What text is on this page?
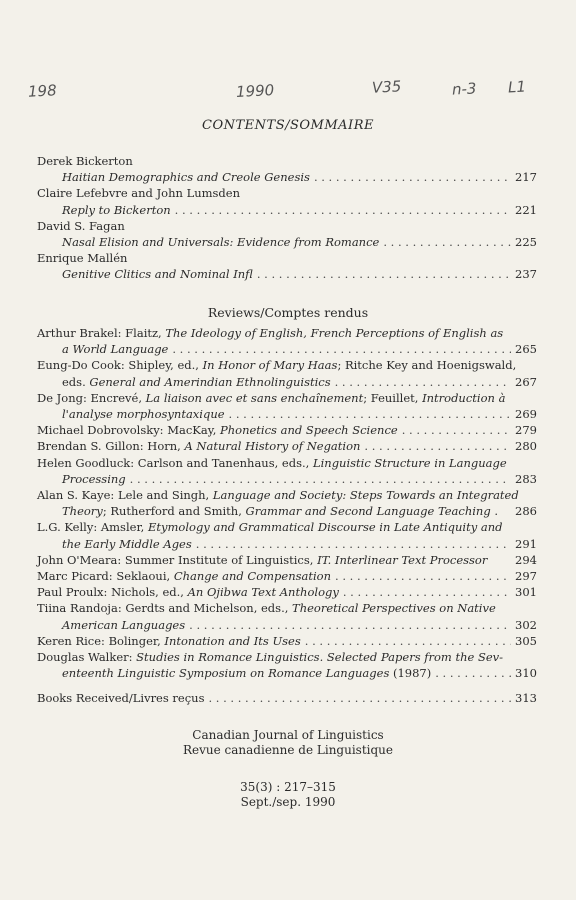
198	1990	V35	n-3 L1
CONTENTS/SOMMAIRE
Derek Bickerton
Haitian Demographics and Creole Genesis . . .	217
Claire Lefebvre and John Lumsden
Reply to Bickerton . . .	221
David S. Fagan
Nasal Elision and Universals: Evidence from Romance . . .	225
Enrique Mallén
Genitive Clitics and Nominal Infl . . .	237
Reviews/Comptes rendus
Arthur Brakel: Flaitz, The Ideology of English, French Perceptions of English as
a World Language . . .	265
Eung-Do Cook: Shipley, ed., In Honor of Mary Haas; Ritche Key and Hoenigswald,
eds. General and Amerindian Ethnolinguistics . . .	267
De Jong: Encrevé, La liaison avec et sans enchaînement; Feuillet, Introduction à
l'analyse morphosyntaxique . . .	269
Michael Dobrovolsky: MacKay, Phonetics and Speech Science . . .	279
Brendan S. Gillon: Horn, A Natural History of Negation . . .	280
Helen Goodluck: Carlson and Tanenhaus, eds., Linguistic Structure in Language
Processing . . .	283
Alan S. Kaye: Lele and Singh, Language and Society: Steps Towards an Integrated
Theory; Rutherford and Smith, Grammar and Second Language Teaching . 286
L.G. Kelly: Amsler, Etymology and Grammatical Discourse in Late Antiquity and
the Early Middle Ages . . .	291
John O'Meara: Summer Institute of Linguistics, IT. Interlinear Text Processor 294
Marc Picard: Seklaoui, Change and Compensation . . .	297
Paul Proulx: Nichols, ed., An Ojibwa Text Anthology . . .	301
Tiina Randoja: Gerdts and Michelson, eds., Theoretical Perspectives on Native
American Languages . . .	302
Keren Rice: Bolinger, Intonation and Its Uses . . .	305
Douglas Walker: Studies in Romance Linguistics. Selected Papers from the Sev-
enteenth Linguistic Symposium on Romance Languages (1987) . . .	310
Books Received/Livres reçus . . .	313
Canadian Journal of Linguistics
Revue canadienne de Linguistique
35(3) : 217–315
Sept./sep. 1990
